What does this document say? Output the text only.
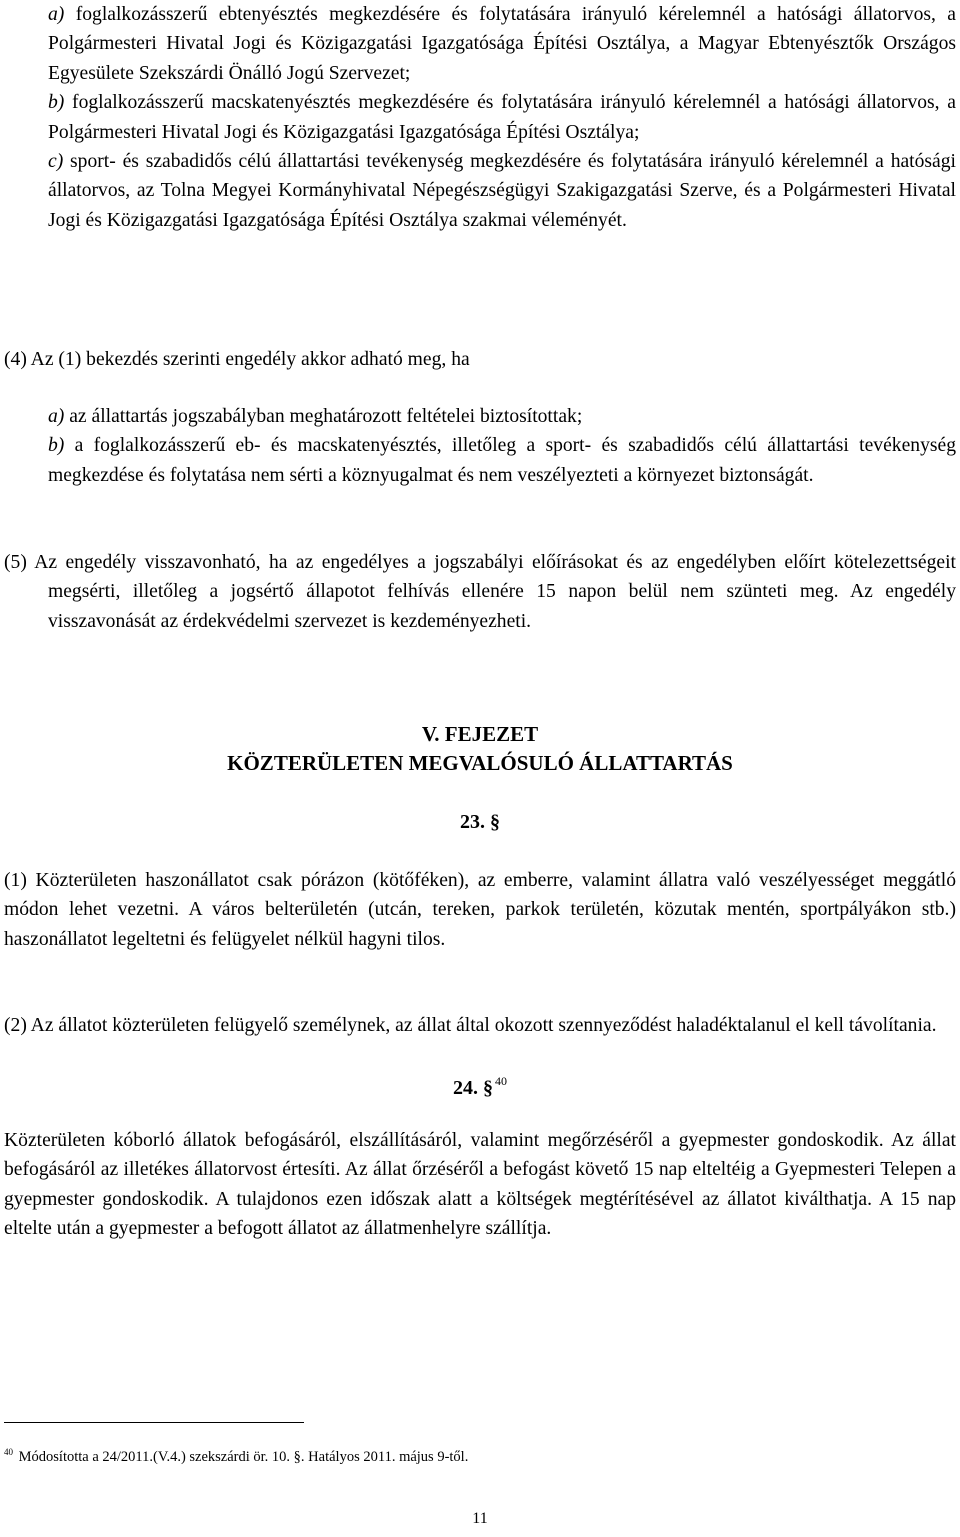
a) foglalkozásszerű ebtenyésztés megkezdésére és folytatására irányuló kérelemnél a hatósági állatorvos, a Polgármesteri Hivatal Jogi és Közigazgatási Igazgatósága Építési Osztálya, a Magyar Ebtenyésztők Országos Egyesülete Szekszárdi Önálló Jogú Szervezet;

b) foglalkozásszerű macskatenyésztés megkezdésére és folytatására irányuló kérelemnél a hatósági állatorvos, a Polgármesteri Hivatal Jogi és Közigazgatási Igazgatósága Építési Osztálya;

c) sport- és szabadidős célú állattartási tevékenység megkezdésére és folytatására irányuló kérelemnél a hatósági állatorvos, az Tolna Megyei Kormányhivatal Népegészségügyi Szakigazgatási Szerve, és a Polgármesteri Hivatal Jogi és Közigazgatási Igazgatósága Építési Osztálya szakmai véleményét.

(4) Az (1) bekezdés szerinti engedély akkor adható meg, ha

a) az állattartás jogszabályban meghatározott feltételei biztosítottak;

b) a foglalkozásszerű eb- és macskatenyésztés, illetőleg a sport- és szabadidős célú állattartási tevékenység megkezdése és folytatása nem sérti a köznyugalmat és nem veszélyezteti a környezet biztonságát.

(5) Az engedély visszavonható, ha az engedélyes a jogszabályi előírásokat és az engedélyben előírt kötelezettségeit megsérti, illetőleg a jogsértő állapotot felhívás ellenére 15 napon belül nem szünteti meg. Az engedély visszavonását az érdekvédelmi szervezet is kezdeményezheti.

V. FEJEZET

KÖZTERÜLETEN MEGVALÓSULÓ ÁLLATTARTÁS

23. §

(1) Közterületen haszonállatot csak pórázon (kötőféken), az emberre, valamint állatra való veszélyességet meggátló módon lehet vezetni. A város belterületén (utcán, tereken, parkok területén, közutak mentén, sportpályákon stb.) haszonállatot legeltetni és felügyelet nélkül hagyni tilos.

(2) Az állatot közterületen felügyelő személynek, az állat által okozott szennyeződést haladéktalanul el kell távolítania.

24. § $^{40}$

Közterületen kóborló állatok befogásáról, elszállításáról, valamint megőrzéséről a gyepmester gondoskodik. Az állat befogásáról az illetékes állatorvost értesíti. Az állat őrzéséről a befogást követő 15 nap elteltéig a Gyepmesteri Telepen a gyepmester gondoskodik. A tulajdonos ezen időszak alatt a költségek megtérítésével az állatot kiválthatja. A 15 nap eltelte után a gyepmester a befogott állatot az állatmenhelyre szállítja.

$^{40}$ Módosította a 24/2011.(V.4.) szekszárdi ör. 10. §. Hatályos 2011. május 9-től.

11
